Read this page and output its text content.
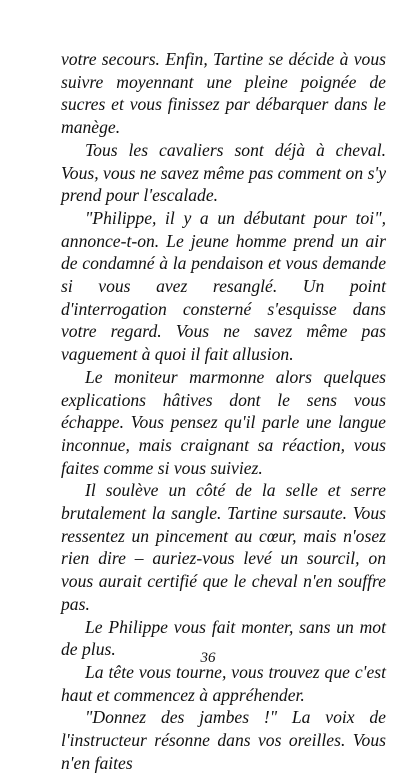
votre secours. Enfin, Tartine se décide à vous suivre moyennant une pleine poignée de sucres et vous finissez par débarquer dans le manège.

Tous les cavaliers sont déjà à cheval. Vous, vous ne savez même pas comment on s'y prend pour l'escalade.

"Philippe, il y a un débutant pour toi", annonce-t-on. Le jeune homme prend un air de condamné à la pendaison et vous demande si vous avez resanglé. Un point d'interrogation consterné s'esquisse dans votre regard. Vous ne savez même pas vaguement à quoi il fait allusion.

Le moniteur marmonne alors quelques explications hâtives dont le sens vous échappe. Vous pensez qu'il parle une langue inconnue, mais craignant sa réaction, vous faites comme si vous suiviez.

Il soulève un côté de la selle et serre brutalement la sangle. Tartine sursaute. Vous ressentez un pincement au cœur, mais n'osez rien dire – auriez-vous levé un sourcil, on vous aurait certifié que le cheval n'en souffre pas.

Le Philippe vous fait monter, sans un mot de plus.

La tête vous tourne, vous trouvez que c'est haut et commencez à appréhender.

"Donnez des jambes !" La voix de l'instructeur résonne dans vos oreilles. Vous n'en faites

36
